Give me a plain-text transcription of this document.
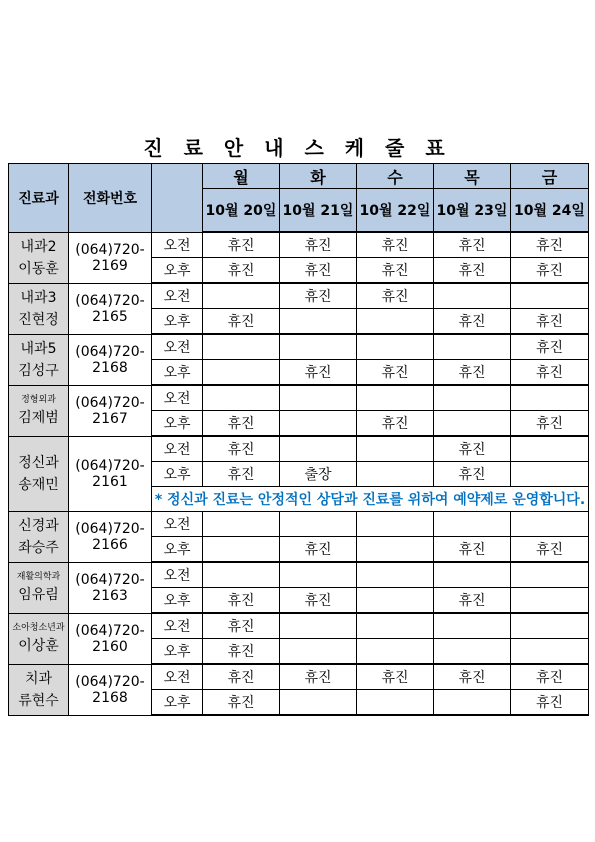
진 료 안 내 스 케 줄 표
진료과	전화번호		월	화	수	목	금
			10월 20일	10월 21일	10월 22일	10월 23일	10월 24일

내과2
이동훈	(064)720-2169	오전	휴진	휴진	휴진	휴진	휴진
		오후	휴진	휴진	휴진	휴진	휴진

내과3
진현정	(064)720-2165	오전		휴진	휴진		
		오후	휴진			휴진	휴진

내과5
김성구	(064)720-2168	오전					휴진
		오후		휴진	휴진	휴진	휴진

정형외과
김제범	(064)720-2167	오전					
		오후	휴진		휴진		휴진

정신과
송재민	(064)720-2161	오전	휴진			휴진	
		오후	휴진	출장		휴진	
		* 정신과 진료는 안정적인 상담과 진료를 위하여 예약제로 운영합니다.					

신경과
좌승주	(064)720-2166	오전					
		오후		휴진		휴진	휴진

재활의학과
임유림	(064)720-2163	오전					
		오후	휴진	휴진		휴진	

소아청소년과
이상훈	(064)720-2160	오전	휴진				
		오후	휴진				

치과
류현수	(064)720-2168	오전	휴진	휴진	휴진	휴진	휴진
		오후	휴진				휴진
